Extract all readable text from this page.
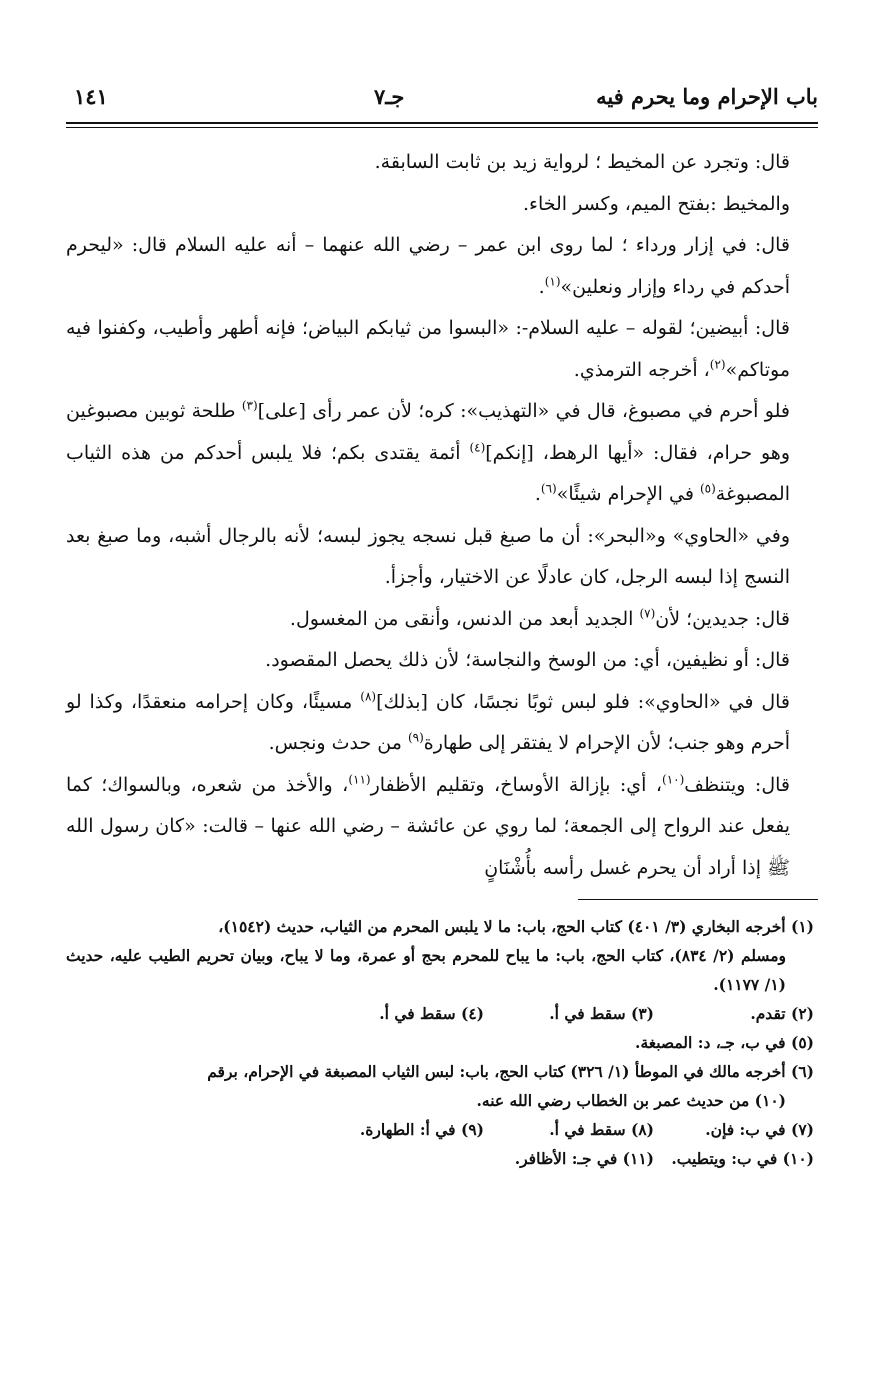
باب الإحرام وما يحرم فيه
جـ٧
١٤١

قال: وتجرد عن المخيط ؛ لرواية زيد بن ثابت السابقة.

والمخيط :بفتح الميم، وكسر الخاء.

قال: في إزار ورداء ؛ لما روى ابن عمر – رضي الله عنهما – أنه عليه السلام قال: «ليحرم أحدكم في رداء وإزار ونعلين»$^{(١)}$.

قال: أبيضين؛ لقوله – عليه السلام-: «البسوا من ثيابكم البياض؛ فإنه أطهر وأطيب، وكفنوا فيه موتاكم»$^{(٢)}$، أخرجه الترمذي.

فلو أحرم في مصبوغ، قال في «التهذيب»: كره؛ لأن عمر رأى [على]$^{(٣)}$ طلحة ثوبين مصبوغين وهو حرام، فقال: «أيها الرهط، [إنكم]$^{(٤)}$ أئمة يقتدى بكم؛ فلا يلبس أحدكم من هذه الثياب المصبوغة$^{(٥)}$ في الإحرام شيئًا»$^{(٦)}$.

وفي «الحاوي» و«البحر»: أن ما صبغ قبل نسجه يجوز لبسه؛ لأنه بالرجال أشبه، وما صبغ بعد النسج إذا لبسه الرجل، كان عادلًا عن الاختيار، وأجزأ.

قال: جديدين؛ لأن$^{(٧)}$ الجديد أبعد من الدنس، وأنقى من المغسول.

قال: أو نظيفين، أي: من الوسخ والنجاسة؛ لأن ذلك يحصل المقصود.

قال في «الحاوي»: فلو لبس ثوبًا نجسًا، كان [بذلك]$^{(٨)}$ مسيئًا، وكان إحرامه منعقدًا، وكذا لو أحرم وهو جنب؛ لأن الإحرام لا يفتقر إلى طهارة$^{(٩)}$ من حدث ونجس.

قال: ويتنظف$^{(١٠)}$، أي: بإزالة الأوساخ، وتقليم الأظفار$^{(١١)}$، والأخذ من شعره، وبالسواك؛ كما يفعل عند الرواح إلى الجمعة؛ لما روي عن عائشة – رضي الله عنها – قالت: «كان رسول الله ﷺ إذا أراد أن يحرم غسل رأسه بأُشْنَانٍ

(١) أخرجه البخاري (٣/ ٤٠١) كتاب الحج، باب: ما لا يلبس المحرم من الثياب، حديث (١٥٤٢)،
ومسلم (٢/ ٨٣٤)، كتاب الحج، باب: ما يباح للمحرم بحج أو عمرة، وما لا يباح، وبيان تحريم الطيب عليه، حديث (١/ ١١٧٧).
(٢) تقدم.
(٣) سقط في أ.
(٤) سقط في أ.
(٥) في ب، جـ، د: المصبغة.
(٦) أخرجه مالك في الموطأ (١/ ٣٢٦) كتاب الحج، باب: لبس الثياب المصبغة في الإحرام، برقم
(١٠) من حديث عمر بن الخطاب رضي الله عنه.
(٧) في ب: فإن.
(٨) سقط في أ.
(٩) في أ: الطهارة.
(١٠) في ب: ويتطيب.
(١١) في جـ: الأظافر.
